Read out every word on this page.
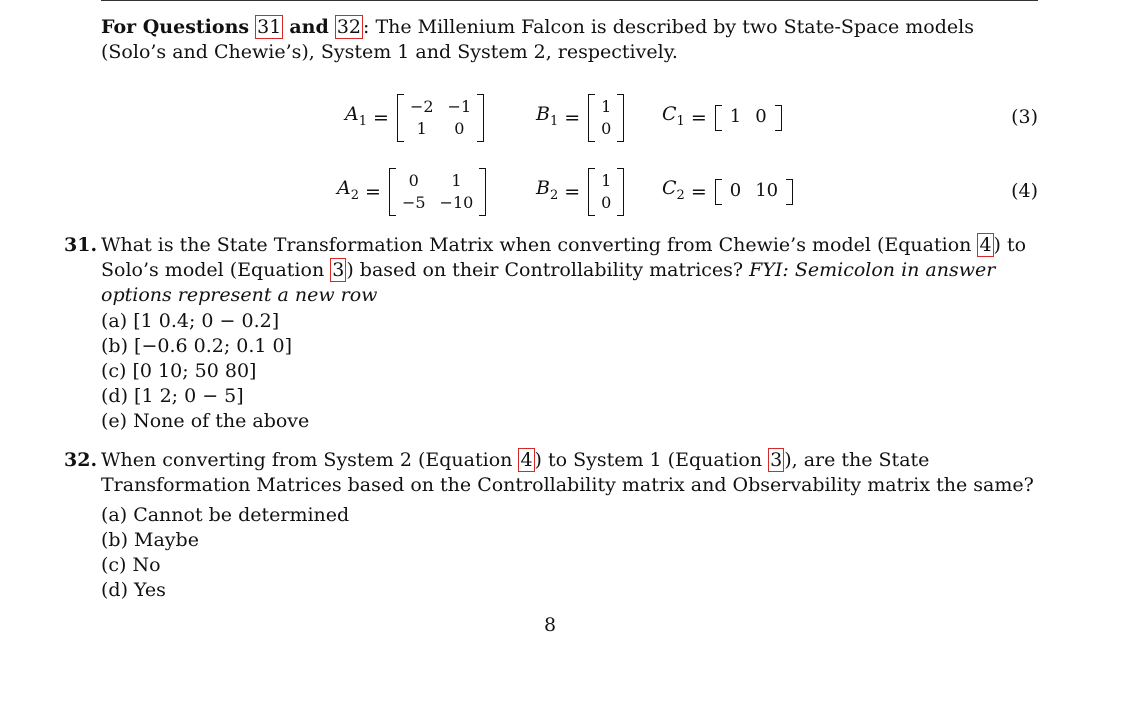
For Questions 31 and 32 : The Millenium Falcon is described by two State-Space models (Solo’s and Chewie’s), System 1 and System 2, respectively.
$A_1 = -2 -1$
1	0
$B_1 = 1$
0
$C_1 = 1$ 0	(3)
$A_2$ =	0	1
−5 −10
$B_2 = 1$
0
$C_2 = 0$ 10	(4)
31. What is the State Transformation Matrix when converting from Chewie’s model (Equation 4 ) to Solo’s model (Equation 3 ) based on their Controllability matrices? FYI: Semicolon in answer options represent a new row
(a) [1 0.4; 0 − 0.2]
(b) [−0.6 0.2; 0.1 0]
(c) [0 10; 50 80]
(d) [1 2; 0 − 5]
(e) None of the above
32. When converting from System 2 (Equation 4 ) to System 1 (Equation 3 ), are the State Transformation Matrices based on the Controllability matrix and Observability matrix the same?
(a) Cannot be determined
(b) Maybe
(c) No
(d) Yes
8
